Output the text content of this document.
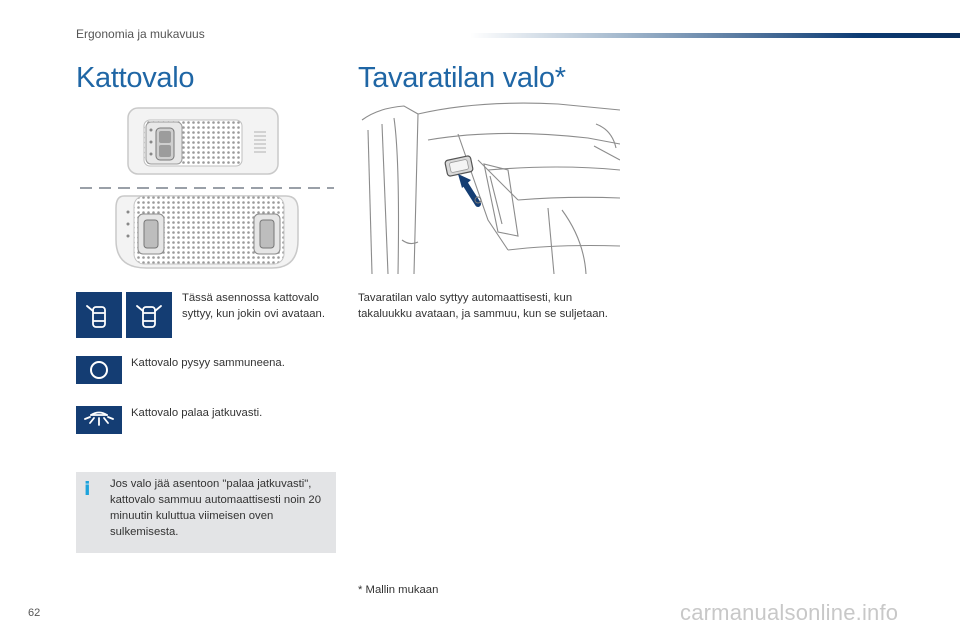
Ergonomia ja mukavuus
Kattovalo	Tavaratilan valo*
Tässä asennossa kattovalo syttyy, kun jokin ovi avataan.
Kattovalo pysyy sammuneena.
Kattovalo palaa jatkuvasti.
i	Jos valo jää asentoon "palaa jatkuvasti", kattovalo sammuu automaattisesti noin 20 minuutin kuluttua viimeisen oven sulkemisesta.
Tavaratilan valo syttyy automaattisesti, kun takaluukku avataan, ja sammuu, kun se suljetaan.
* Mallin mukaan
62	carmanualsonline.info
